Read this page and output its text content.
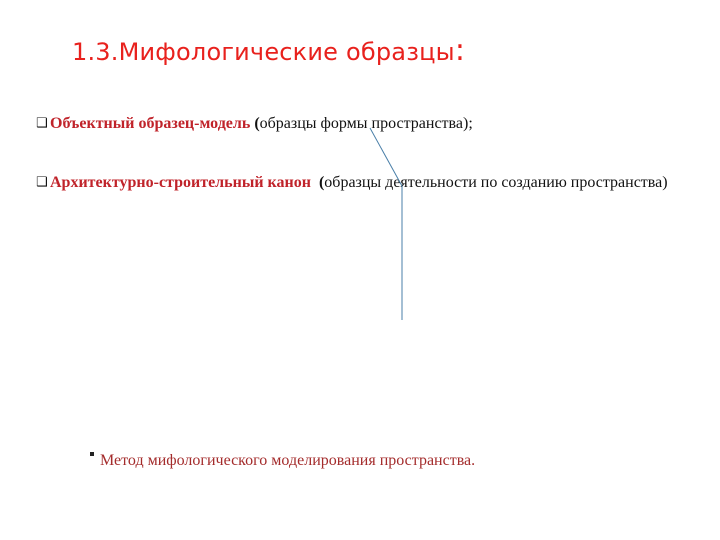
1.3.Мифологические образцы:
❑ Объектный образец-модель (образцы формы пространства);
❑ Архитектурно-строительный канон (образцы деятельности по созданию пространства)
Метод мифологического моделирования пространства.
